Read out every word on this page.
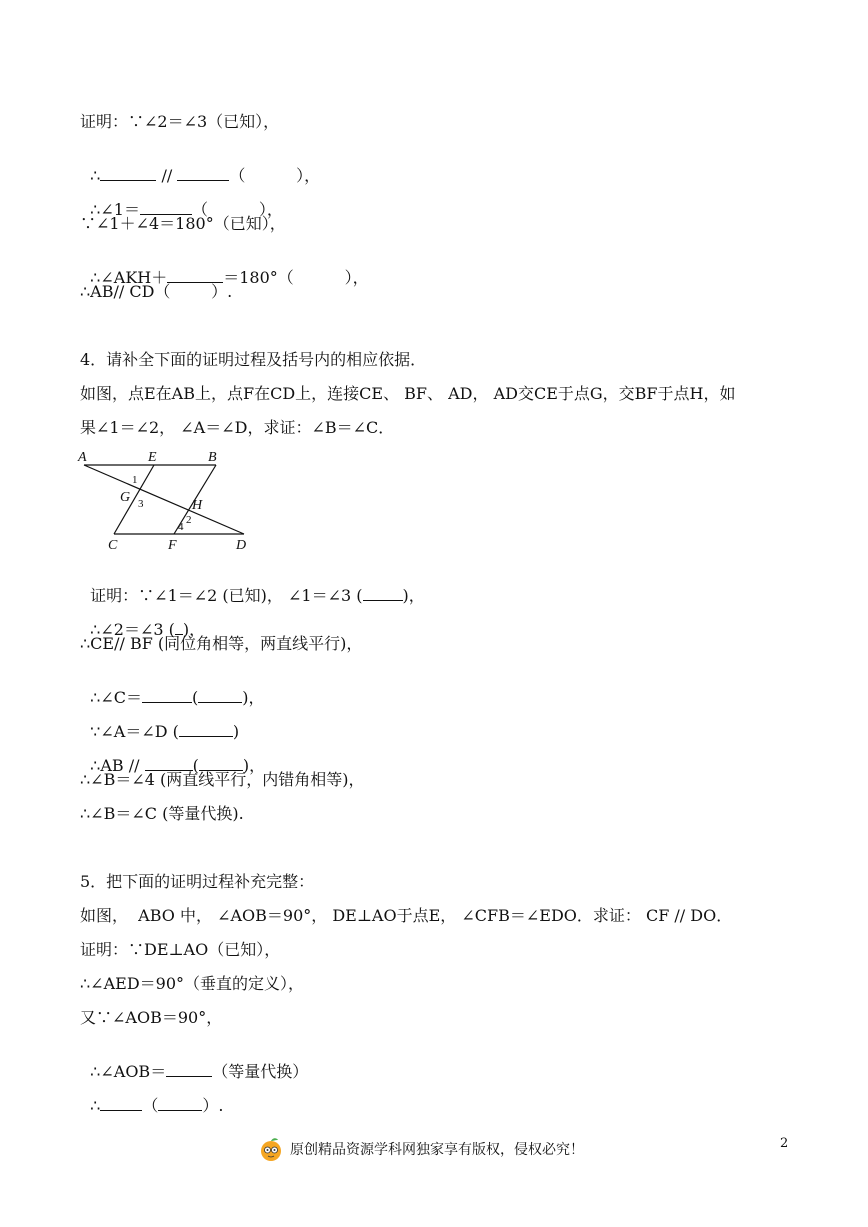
证明：∵∠2＝∠3（已知），

∴	//	（          ），

∴∠1＝	（          ），

∵∠1＋∠4＝180°（已知），

∴∠AKH＋	＝180°（          ），

∴AB// CD（        ）.
4．请补全下面的证明过程及括号内的相应依据．
如图，点E在AB上，点F在CD上，连接CE、 BF、 AD， AD交CE于点G，交BF于点H，如
果∠1＝∠2， ∠A＝∠D，求证：∠B＝∠C．
A	E	B
1
G 3	H
2
4
C	F	D

证明：∵∠1＝∠2 (已知)， ∠1＝∠3 (	)，

∴∠2＝∠3 ( )，

∴CE// BF (同位角相等，两直线平行)，

∴∠C＝	(	)，

∵∠A＝∠D (	)

∴AB //	(	)，

∴∠B＝∠4 (两直线平行，内错角相等)，
∴∠B＝∠C (等量代换).
5．把下面的证明过程补充完整：
如图，  ABO 中， ∠AOB＝90°， DE⊥AO于点E， ∠CFB＝∠EDO．求证： CF // DO．
证明：∵DE⊥AO（已知），
∴∠AED＝90°（垂直的定义），
又∵∠AOB＝90°，

∴∠AOB＝	（等量代换）

∴	（	）.

原创精品资源学科网独家享有版权，侵权必究！	2
